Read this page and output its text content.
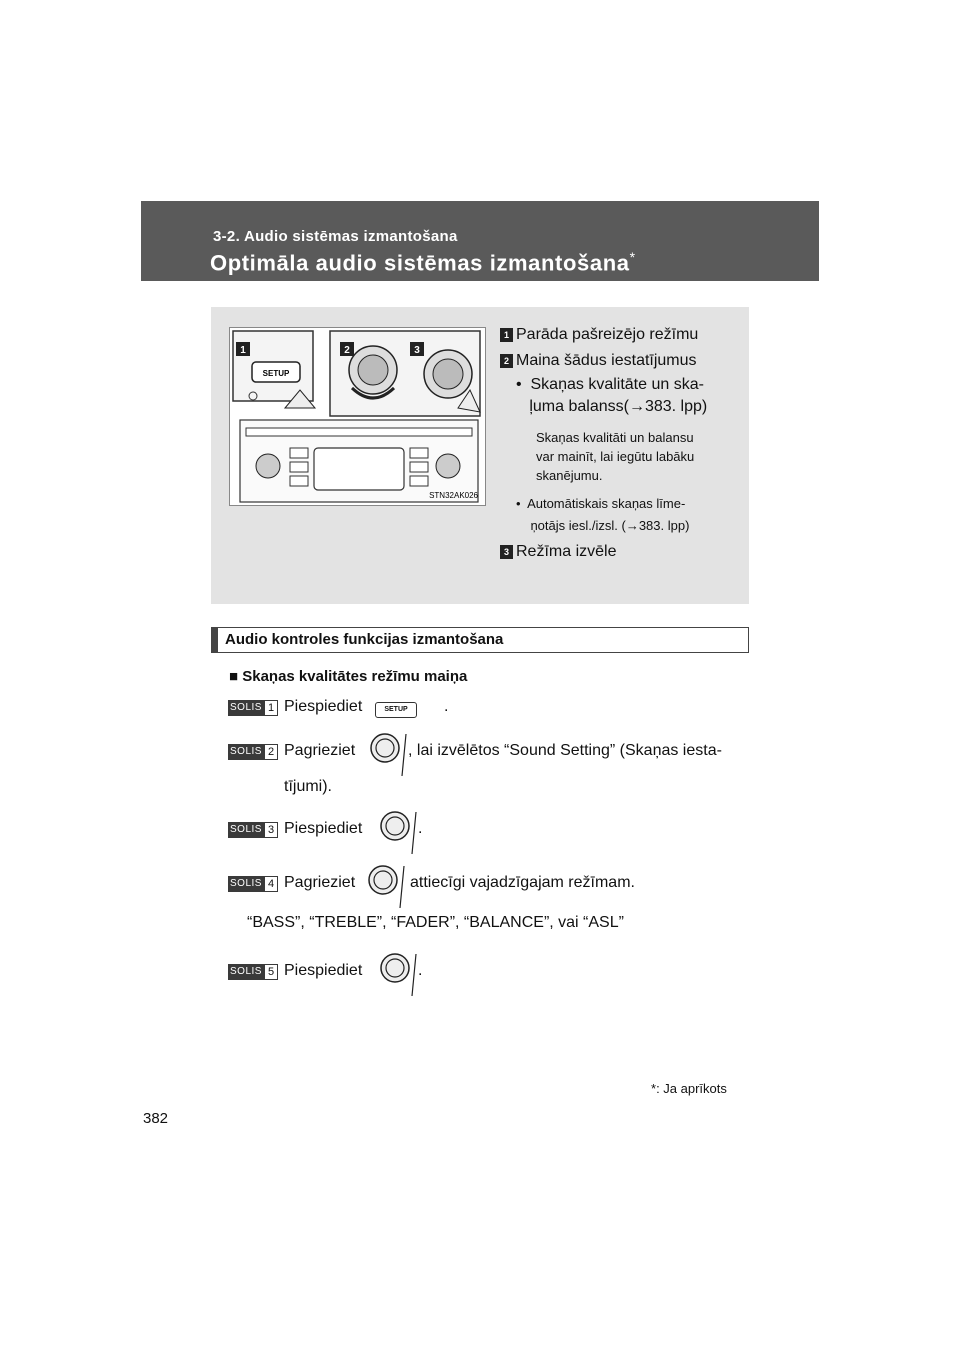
3-2. Audio sistēmas izmantošana
Optimāla audio sistēmas izmantošana*
SETUP
1	2	3
STN32AK026
1 Parāda pašreizējo režīmu
2 Maina šādus iestatījumus
•  Skaņas kvalitāte un ska-
ļuma balanss(→383. lpp)
Skaņas kvalitāti un balansu
var mainīt, lai iegūtu labāku
skanējumu.
•  Automātiskais skaņas līme-
ņotājs iesl./izsl. (→383. lpp)
3 Režīma izvēle
Audio kontroles funkcijas izmantošana
■ Skaņas kvalitātes režīmu maiņa
SOLIS 1 Piespiediet	SETUP	.
SOLIS 2 Pagrieziet	, lai izvēlētos “Sound Setting” (Skaņas iesta-
tījumi).
SOLIS 3 Piespiediet	.
SOLIS 4 Pagrieziet	attiecīgi vajadzīgajam režīmam.
“BASS”, “TREBLE”, “FADER”, “BALANCE”, vai “ASL”
SOLIS 5 Piespiediet	.
*: Ja aprīkots
382
